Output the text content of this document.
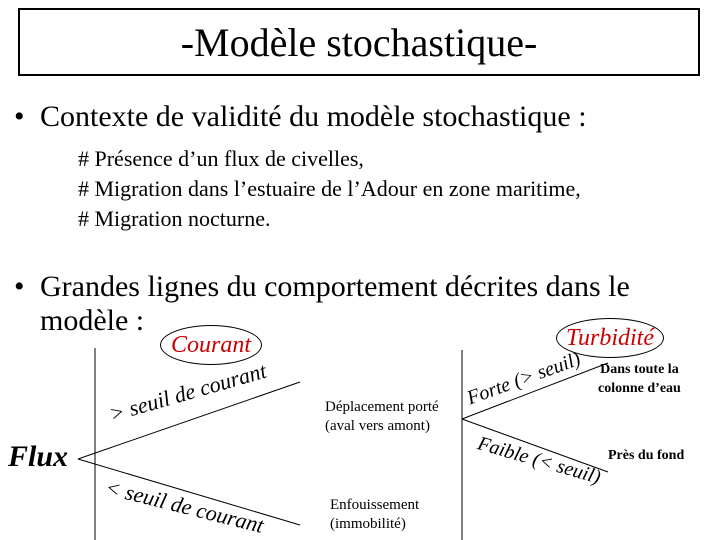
-Modèle stochastique-
• Contexte de validité du modèle stochastique :
# Présence d’un flux de civelles,
# Migration dans l’estuaire de l’Adour en zone maritime,
# Migration nocturne.
• Grandes lignes du comportement décrites dans le
modèle :
Courant	Turbidité
Flux
> seuil de courant
< seuil de courant
Déplacement porté
(aval vers amont)
Enfouissement
(immobilité)
Forte (> seuil)
Faible (< seuil)
Dans toute la
colonne d’eau
Près du fond
